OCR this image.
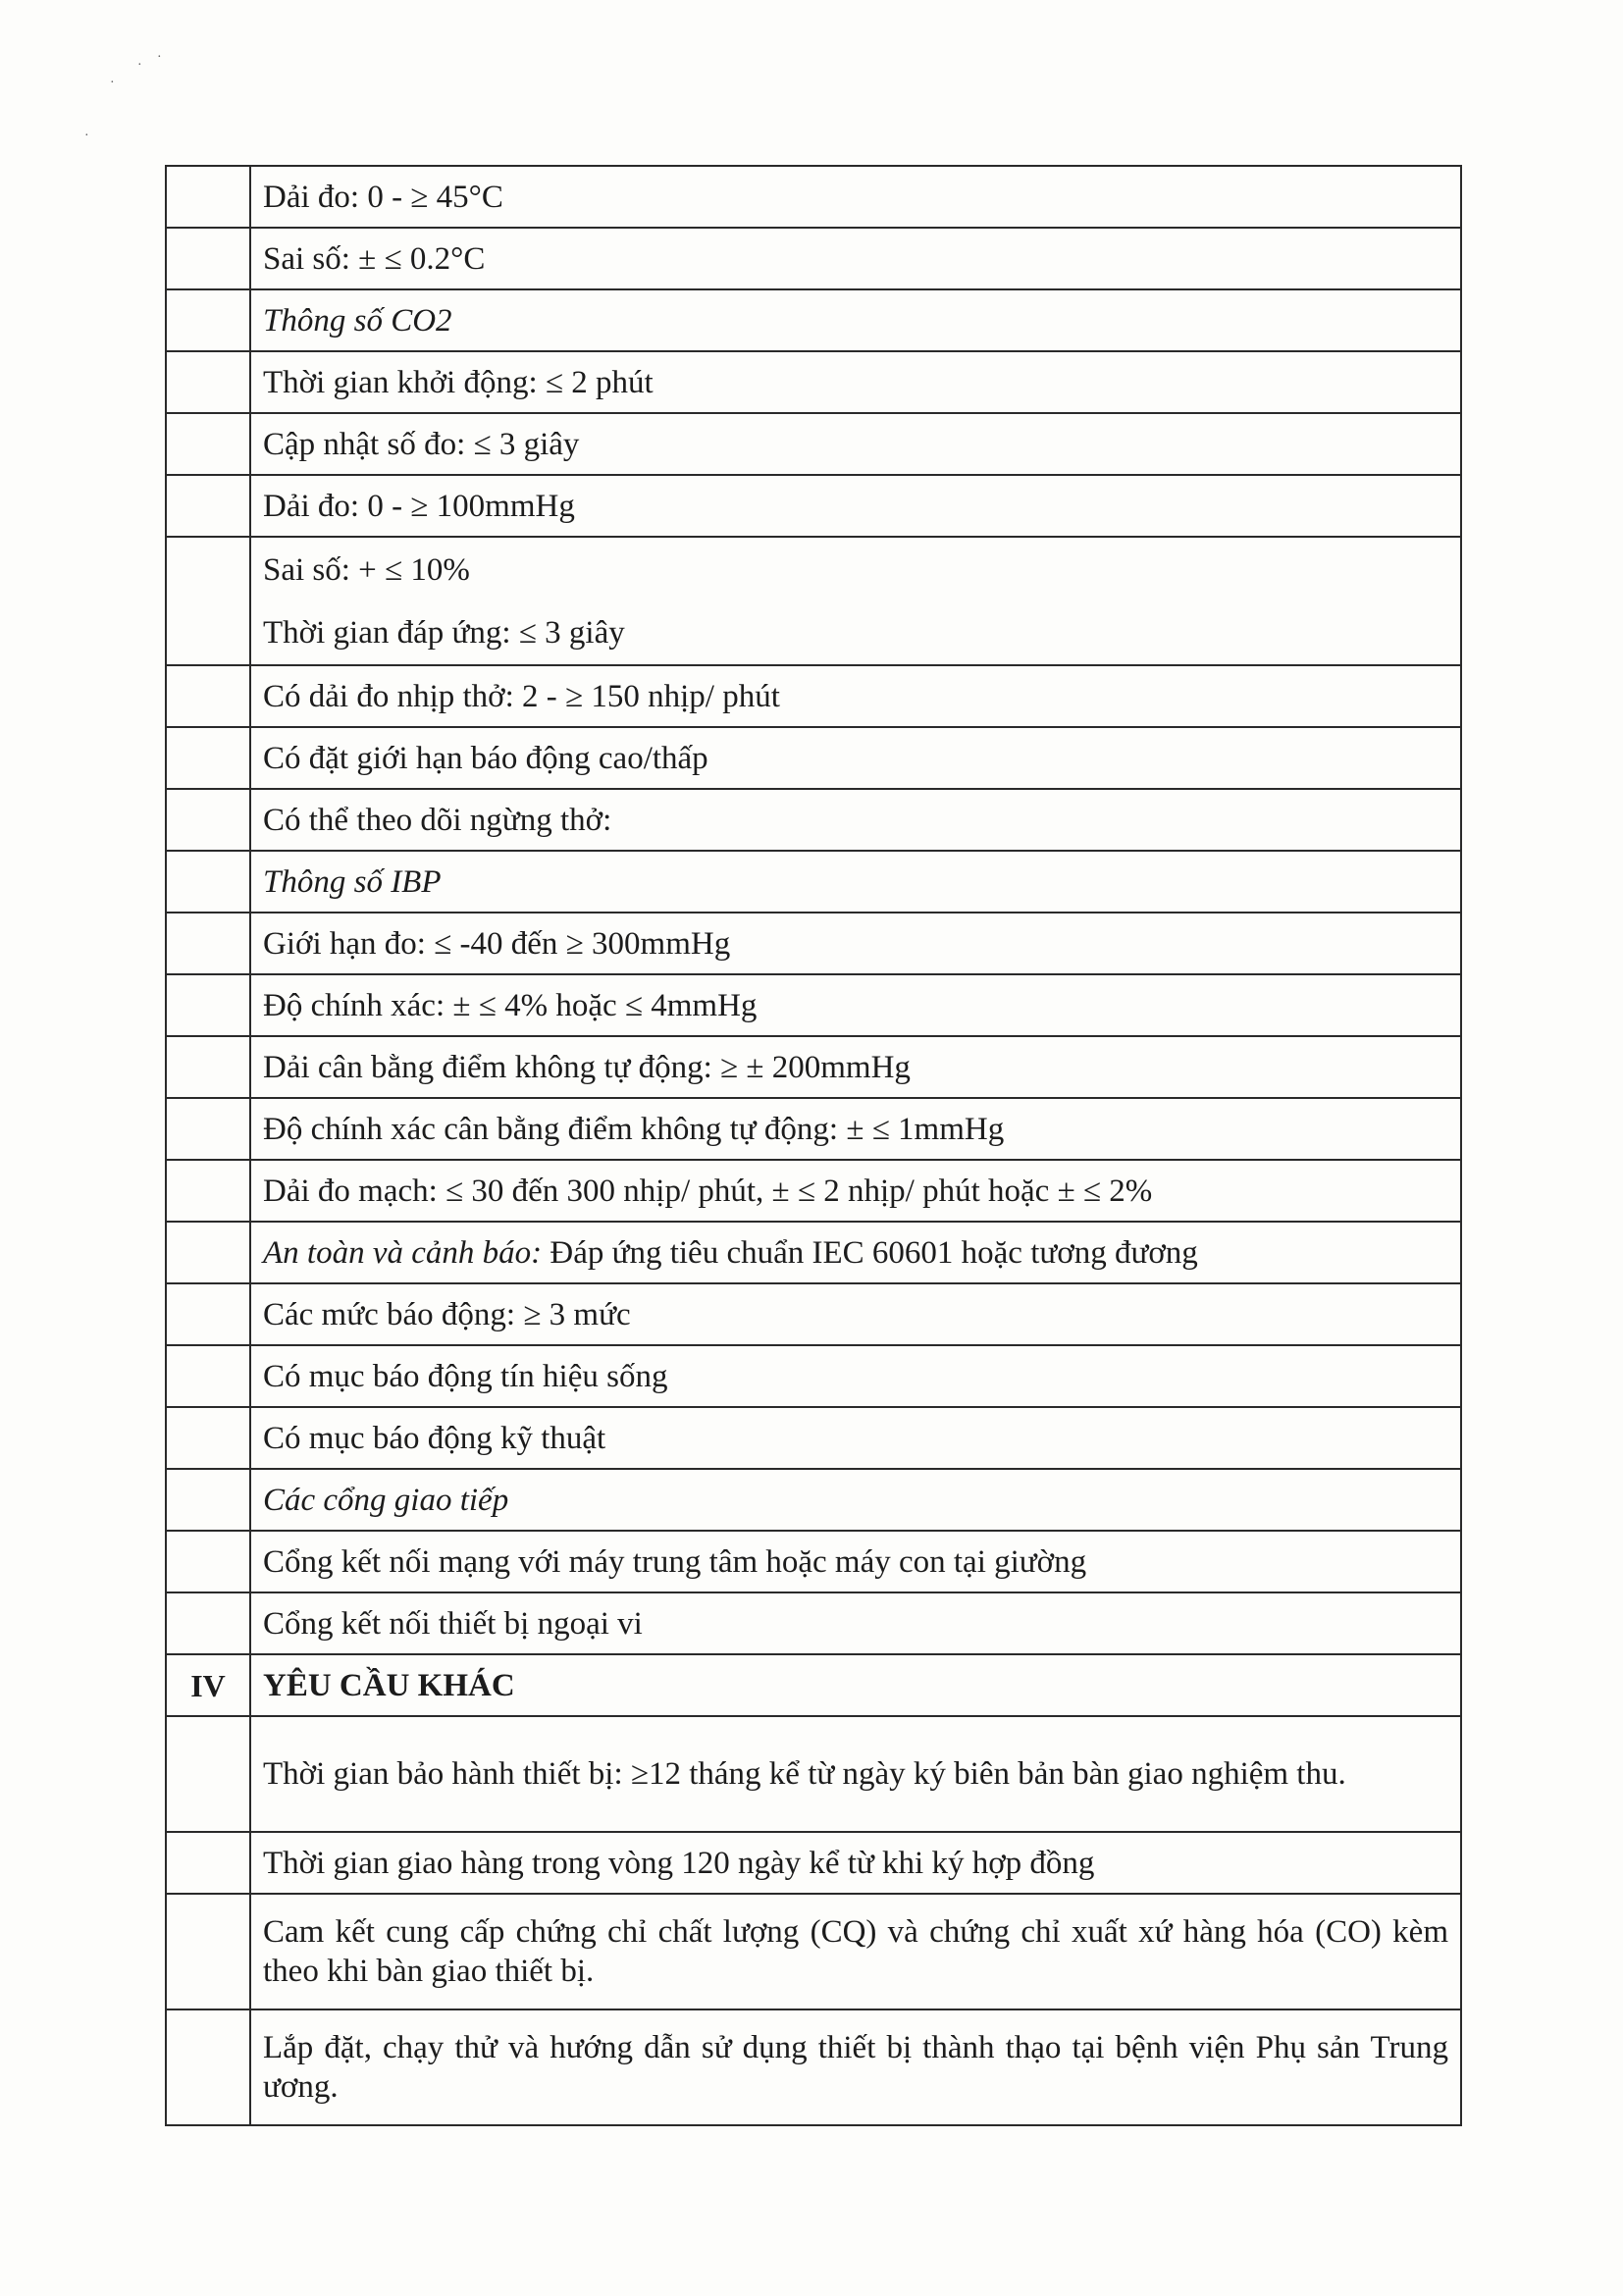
·
·
·
·
	Dải đo: 0 - ≥ 45°C
	Sai số: ± ≤ 0.2°C
	Thông số CO2
	Thời gian khởi động: ≤ 2 phút
	Cập nhật số đo: ≤ 3 giây
	Dải đo: 0 - ≥ 100mmHg

	Sai số: + ≤ 10%
Thời gian đáp ứng: ≤ 3 giây

	Có dải đo nhịp thở: 2 - ≥ 150 nhịp/ phút
	Có đặt giới hạn báo động cao/thấp
	Có thể theo dõi ngừng thở:
	Thông số IBP
	Giới hạn đo: ≤ -40 đến ≥ 300mmHg
	Độ chính xác: ± ≤ 4% hoặc ≤ 4mmHg
	Dải cân bằng điểm không tự động: ≥ ± 200mmHg
	Độ chính xác cân bằng điểm không tự động: ± ≤ 1mmHg
	Dải đo mạch: ≤ 30 đến 300 nhịp/ phút, ± ≤ 2 nhịp/ phút hoặc ± ≤ 2%
	An toàn và cảnh báo: Đáp ứng tiêu chuẩn IEC 60601 hoặc tương đương
	Các mức báo động: ≥ 3 mức
	Có mục báo động tín hiệu sống
	Có mục báo động kỹ thuật
	Các cổng giao tiếp
	Cổng kết nối mạng với máy trung tâm hoặc máy con tại giường
	Cổng kết nối thiết bị ngoại vi
IV	YÊU CẦU KHÁC
	Thời gian bảo hành thiết bị: ≥12 tháng kể từ ngày ký biên bản bàn giao nghiệm thu.
	Thời gian giao hàng trong vòng 120 ngày kể từ khi ký hợp đồng
	Cam kết cung cấp chứng chỉ chất lượng (CQ) và chứng chỉ xuất xứ hàng hóa (CO) kèm theo khi bàn giao thiết bị.
	Lắp đặt, chạy thử và hướng dẫn sử dụng thiết bị thành thạo tại bệnh viện Phụ sản Trung ương.
